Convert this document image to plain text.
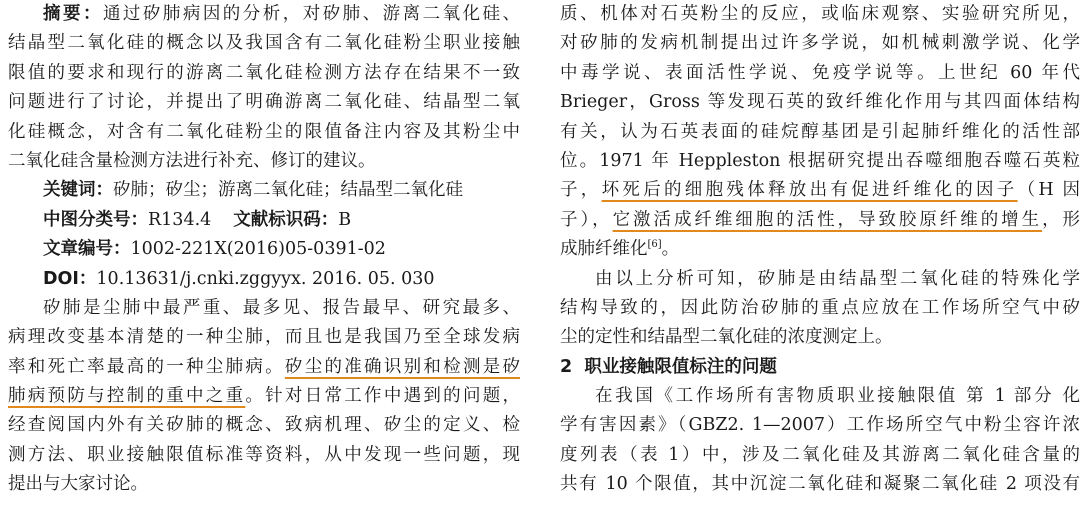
摘要：通过矽肺病因的分析，对矽肺、游离二氧化硅、
结晶型二氧化硅的概念以及我国含有二氧化硅粉尘职业接触
限值的要求和现行的游离二氧化硅检测方法存在结果不一致
问题进行了讨论，并提出了明确游离二氧化硅、结晶型二氧
化硅概念，对含有二氧化硅粉尘的限值备注内容及其粉尘中
二氧化硅含量检测方法进行补充、修订的建议。
关键词：矽肺；矽尘；游离二氧化硅；结晶型二氧化硅
中图分类号：R134.4 文献标识码：B
文章编号：1002-221X(2016)05-0391-02
DOI：10.13631/j.cnki.zggyyx. 2016. 05. 030
矽肺是尘肺中最严重、最多见、报告最早、研究最多、
病理改变基本清楚的一种尘肺，而且也是我国乃至全球发病
率和死亡率最高的一种尘肺病。矽尘的准确识别和检测是矽
肺病预防与控制的重中之重。针对日常工作中遇到的问题，
经查阅国内外有关矽肺的概念、致病机理、矽尘的定义、检
测方法、职业接触限值标准等资料，从中发现一些问题，现
提出与大家讨论。
质、机体对石英粉尘的反应，或临床观察、实验研究所见，
对矽肺的发病机制提出过许多学说，如机械刺激学说、化学
中毒学说、表面活性学说、免疫学说等。上世纪 60 年代
Brieger，Gross 等发现石英的致纤维化作用与其四面体结构
有关，认为石英表面的硅烷醇基团是引起肺纤维化的活性部
位。1971 年 Heppleston 根据研究提出吞噬细胞吞噬石英粒
子，坏死后的细胞残体释放出有促进纤维化的因子（H 因
子），它激活成纤维细胞的活性，导致胶原纤维的增生，形
成肺纤维化[6]。
由以上分析可知，矽肺是由结晶型二氧化硅的特殊化学
结构导致的，因此防治矽肺的重点应放在工作场所空气中矽
尘的定性和结晶型二氧化硅的浓度测定上。
2 职业接触限值标注的问题
在我国《工作场所有害物质职业接触限值 第 1 部分 化
学有害因素》（GBZ2. 1—2007）工作场所空气中粉尘容许浓
度列表（表 1）中，涉及二氧化硅及其游离二氧化硅含量的
共有 10 个限值，其中沉淀二氧化硅和凝聚二氧化硅 2 项没有
